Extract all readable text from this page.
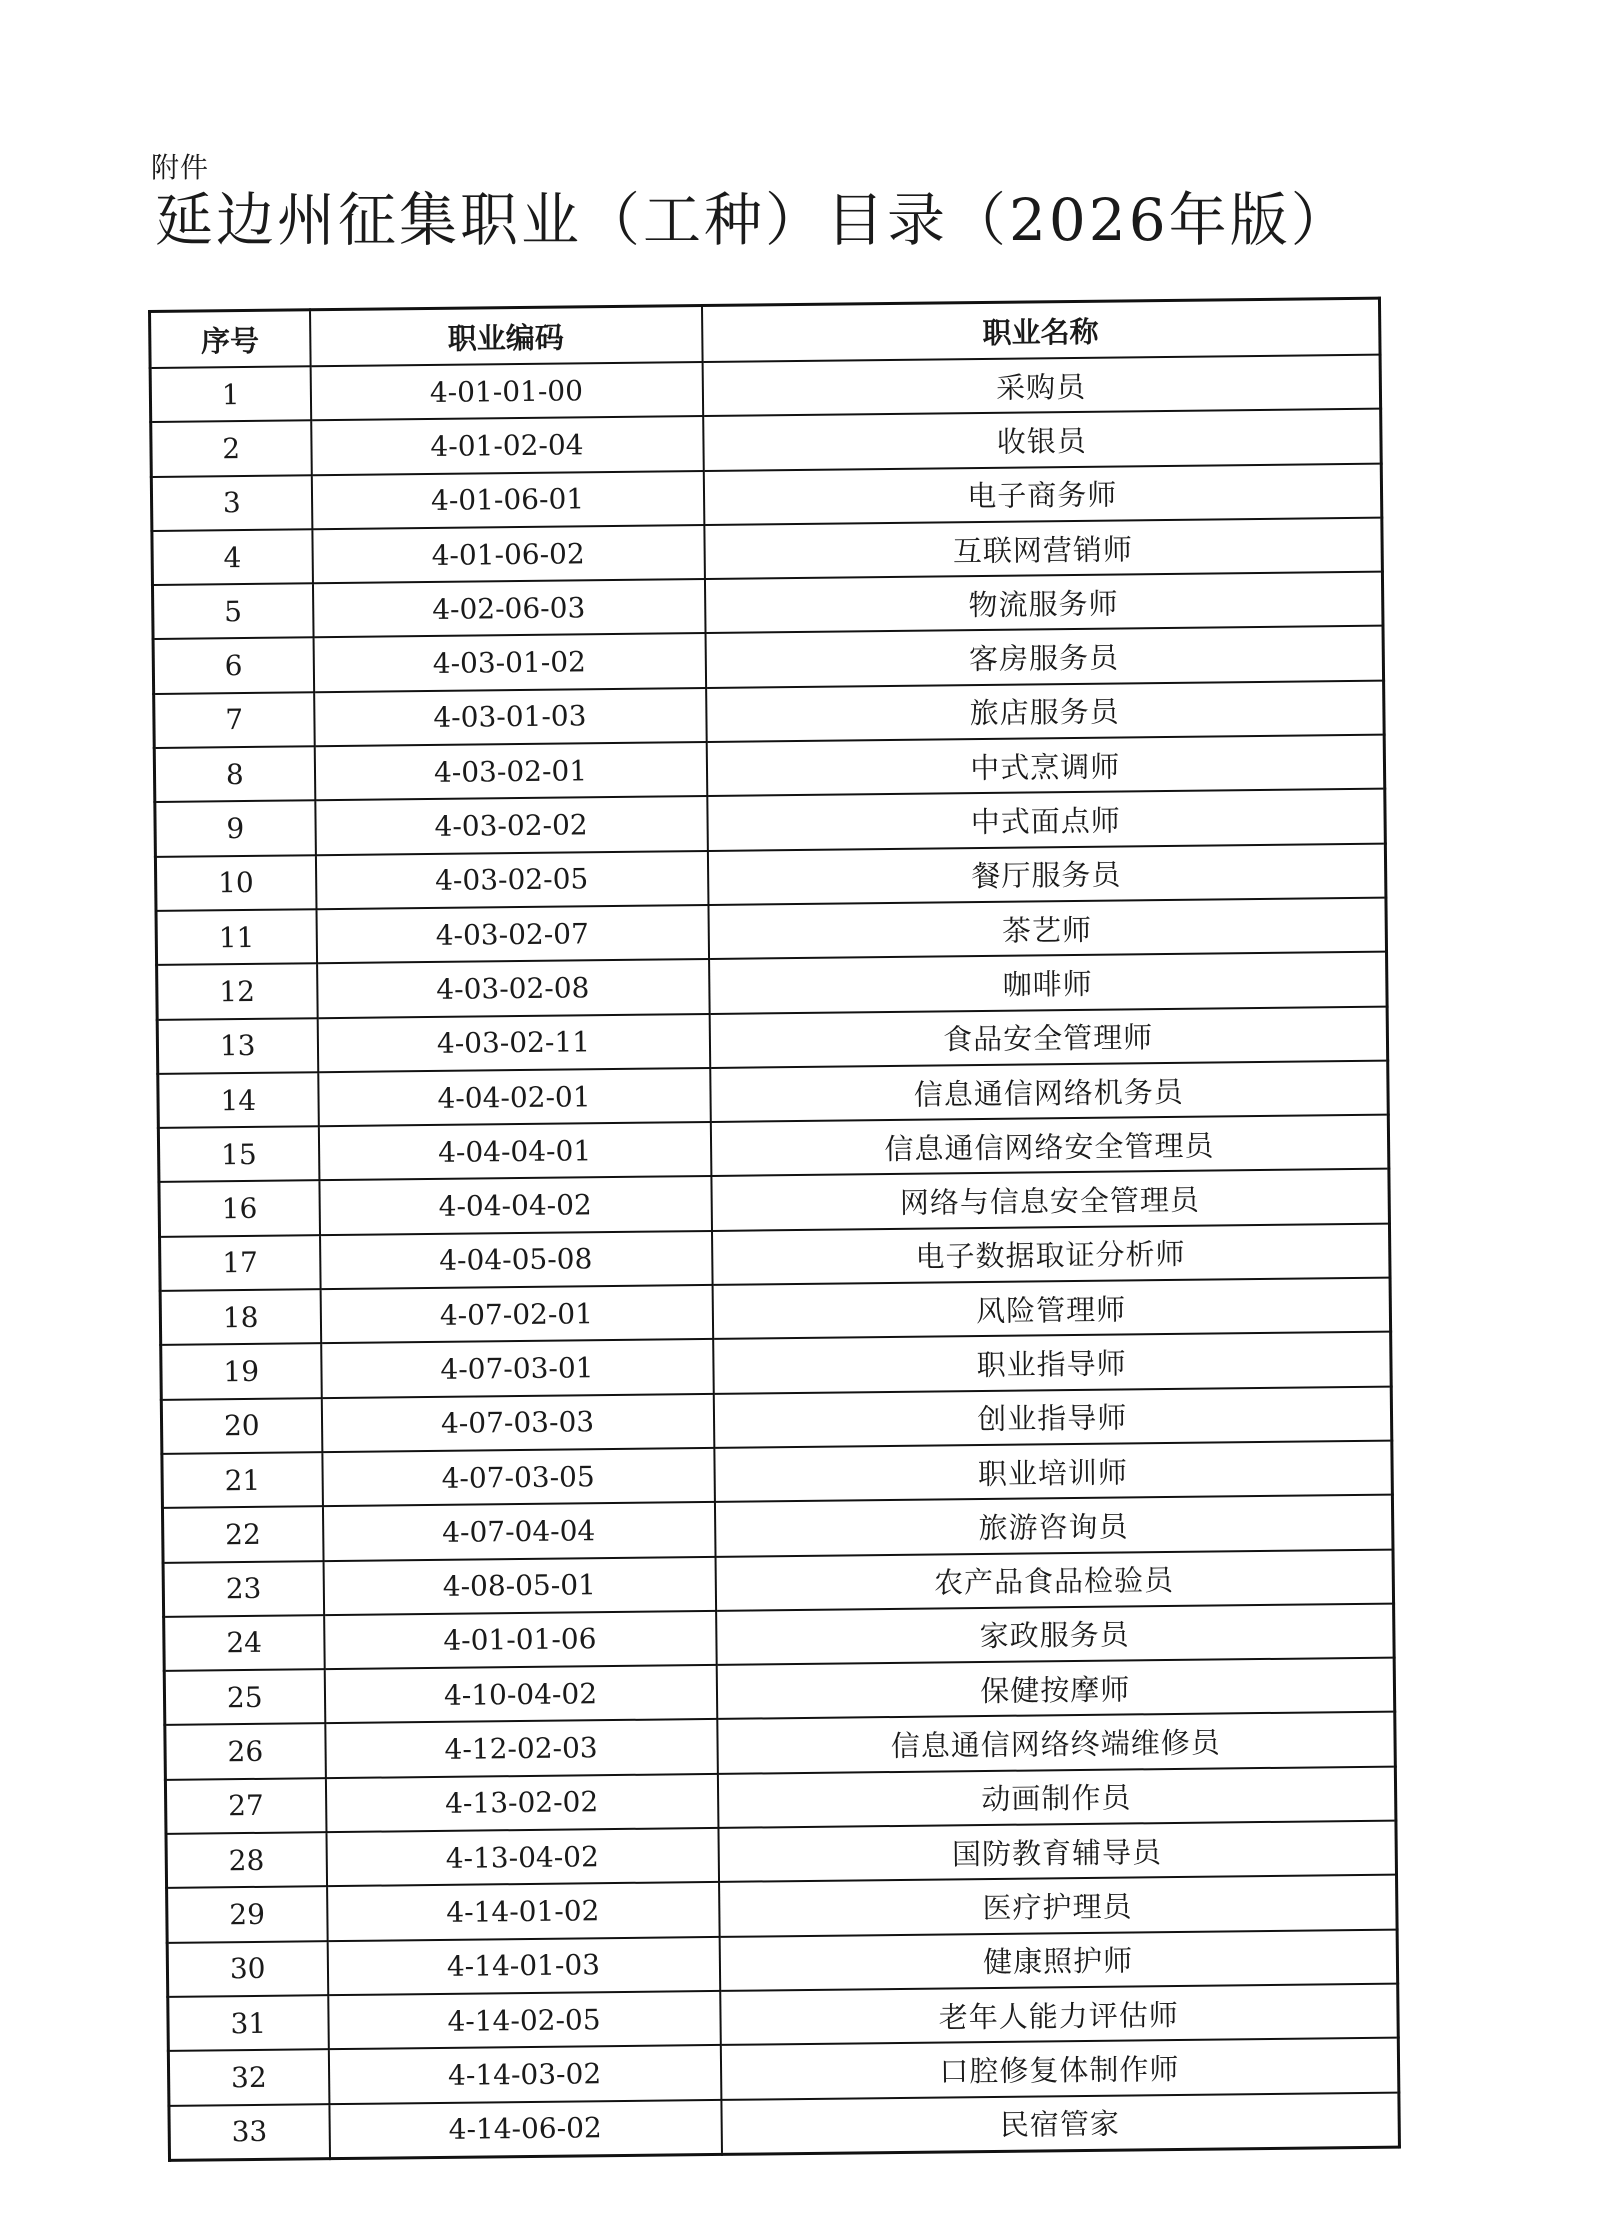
附件
延边州征集职业（工种）目录（2026年版）
序号	职业编码	职业名称
1	4-01-01-00	采购员
2	4-01-02-04	收银员
3	4-01-06-01	电子商务师
4	4-01-06-02	互联网营销师
5	4-02-06-03	物流服务师
6	4-03-01-02	客房服务员
7	4-03-01-03	旅店服务员
8	4-03-02-01	中式烹调师
9	4-03-02-02	中式面点师
10	4-03-02-05	餐厅服务员
11	4-03-02-07	茶艺师
12	4-03-02-08	咖啡师
13	4-03-02-11	食品安全管理师
14	4-04-02-01	信息通信网络机务员
15	4-04-04-01	信息通信网络安全管理员
16	4-04-04-02	网络与信息安全管理员
17	4-04-05-08	电子数据取证分析师
18	4-07-02-01	风险管理师
19	4-07-03-01	职业指导师
20	4-07-03-03	创业指导师
21	4-07-03-05	职业培训师
22	4-07-04-04	旅游咨询员
23	4-08-05-01	农产品食品检验员
24	4-01-01-06	家政服务员
25	4-10-04-02	保健按摩师
26	4-12-02-03	信息通信网络终端维修员
27	4-13-02-02	动画制作员
28	4-13-04-02	国防教育辅导员
29	4-14-01-02	医疗护理员
30	4-14-01-03	健康照护师
31	4-14-02-05	老年人能力评估师
32	4-14-03-02	口腔修复体制作师
33	4-14-06-02	民宿管家
